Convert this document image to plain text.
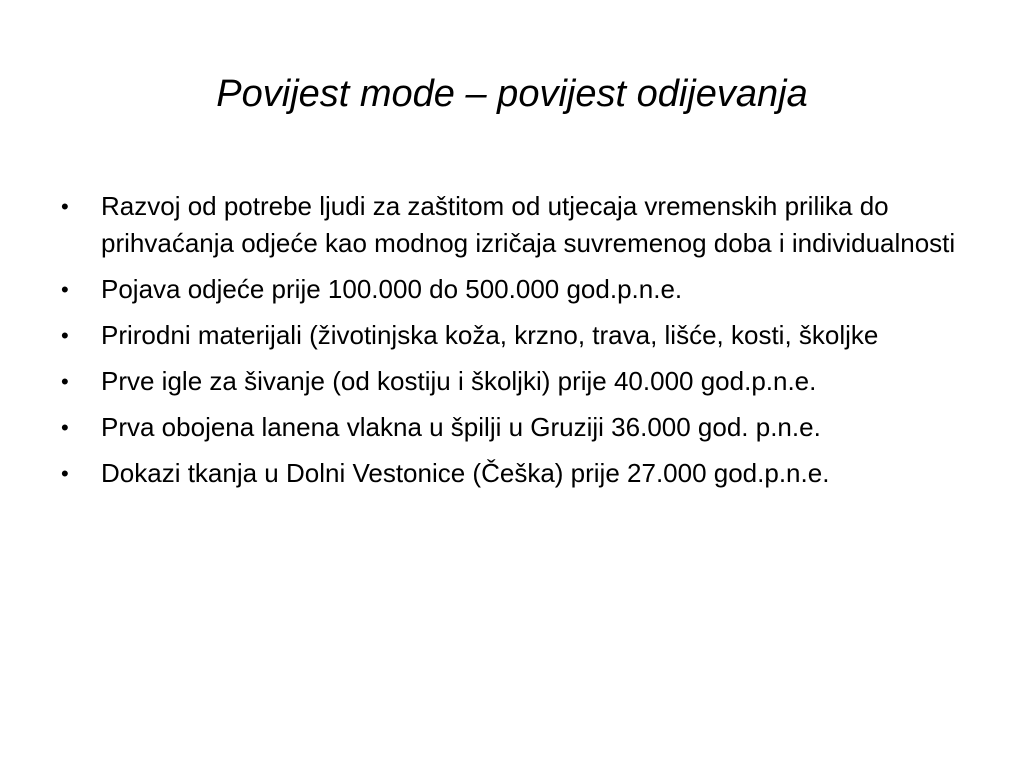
Povijest mode – povijest odijevanja
•	Razvoj od potrebe ljudi za zaštitom od utjecaja vremenskih prilika do prihvaćanja odjeće kao modnog izričaja suvremenog doba i individualnosti
•	Pojava odjeće prije 100.000 do 500.000 god.p.n.e.
•	Prirodni materijali (životinjska koža, krzno, trava, lišće, kosti, školjke
•	Prve igle za šivanje (od kostiju i školjki) prije 40.000 god.p.n.e.
•	Prva obojena lanena vlakna u špilji u Gruziji 36.000 god. p.n.e.
•	Dokazi tkanja u Dolni Vestonice (Češka) prije 27.000 god.p.n.e.
